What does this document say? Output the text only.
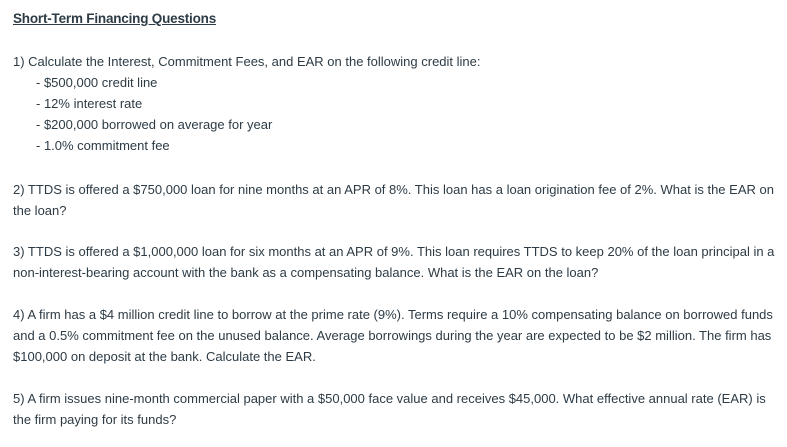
Short-Term Financing Questions

1) Calculate the Interest, Commitment Fees, and EAR on the following credit line:

- $500,000 credit line
- 12% interest rate
- $200,000 borrowed on average for year
- 1.0% commitment fee

2) TTDS is offered a $750,000 loan for nine months at an APR of 8%. This loan has a loan origination fee of 2%. What is the EAR on the loan?

3) TTDS is offered a $1,000,000 loan for six months at an APR of 9%. This loan requires TTDS to keep 20% of the loan principal in a non-interest-bearing account with the bank as a compensating balance. What is the EAR on the loan?

4) A firm has a $4 million credit line to borrow at the prime rate (9%). Terms require a 10% compensating balance on borrowed funds and a 0.5% commitment fee on the unused balance. Average borrowings during the year are expected to be $2 million. The firm has $100,000 on deposit at the bank. Calculate the EAR.

5) A firm issues nine-month commercial paper with a $50,000 face value and receives $45,000. What effective annual rate (EAR) is the firm paying for its funds?
